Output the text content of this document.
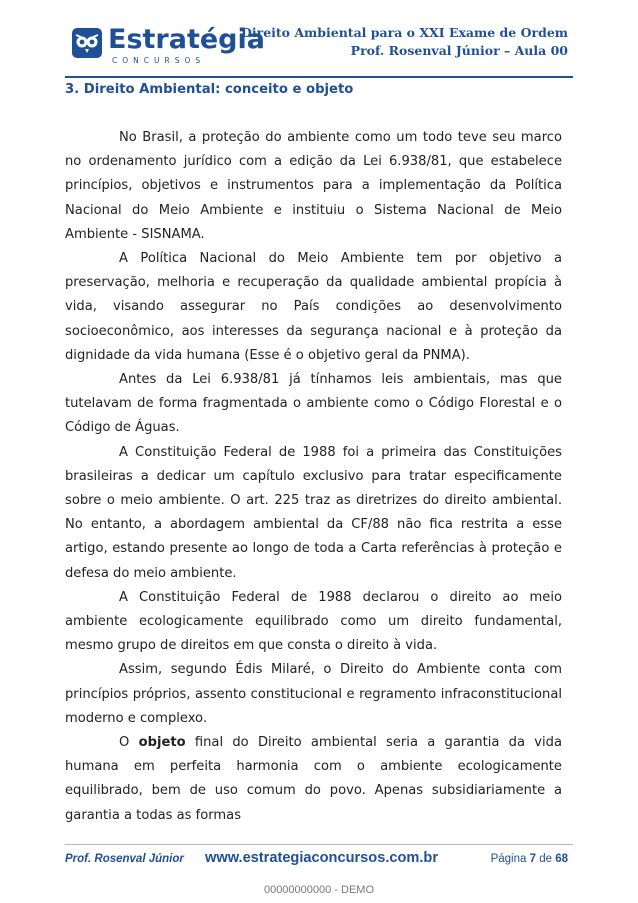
Estratégia
CONCURSOS
Direito Ambiental para o XXI Exame de Ordem
Prof. Rosenval Júnior – Aula 00
3. Direito Ambiental: conceito e objeto

No Brasil, a proteção do ambiente como um todo teve seu marco no ordenamento jurídico com a edição da Lei 6.938/81, que estabelece princípios, objetivos e instrumentos para a implementação da Política Nacional do Meio Ambiente e instituiu o Sistema Nacional de Meio Ambiente - SISNAMA.

A Política Nacional do Meio Ambiente tem por objetivo a preservação, melhoria e recuperação da qualidade ambiental propícia à vida, visando assegurar no País condições ao desenvolvimento socioeconômico, aos interesses da segurança nacional e à proteção da dignidade da vida humana (Esse é o objetivo geral da PNMA).

Antes da Lei 6.938/81 já tínhamos leis ambientais, mas que tutelavam de forma fragmentada o ambiente como o Código Florestal e o Código de Águas.

A Constituição Federal de 1988 foi a primeira das Constituições brasileiras a dedicar um capítulo exclusivo para tratar especificamente sobre o meio ambiente. O art. 225 traz as diretrizes do direito ambiental. No entanto, a abordagem ambiental da CF/88 não fica restrita a esse artigo, estando presente ao longo de toda a Carta referências à proteção e defesa do meio ambiente.

A Constituição Federal de 1988 declarou o direito ao meio ambiente ecologicamente equilibrado como um direito fundamental, mesmo grupo de direitos em que consta o direito à vida.

Assim, segundo Édis Milaré, o Direito do Ambiente conta com princípios próprios, assento constitucional e regramento infraconstitucional moderno e complexo.

O objeto final do Direito ambiental seria a garantia da vida humana em perfeita harmonia com o ambiente ecologicamente equilibrado, bem de uso comum do povo. Apenas subsidiariamente a garantia a todas as formas

Prof. Rosenval Júnior www.estrategiaconcursos.com.br	Página 7 de 68
00000000000 - DEMO
